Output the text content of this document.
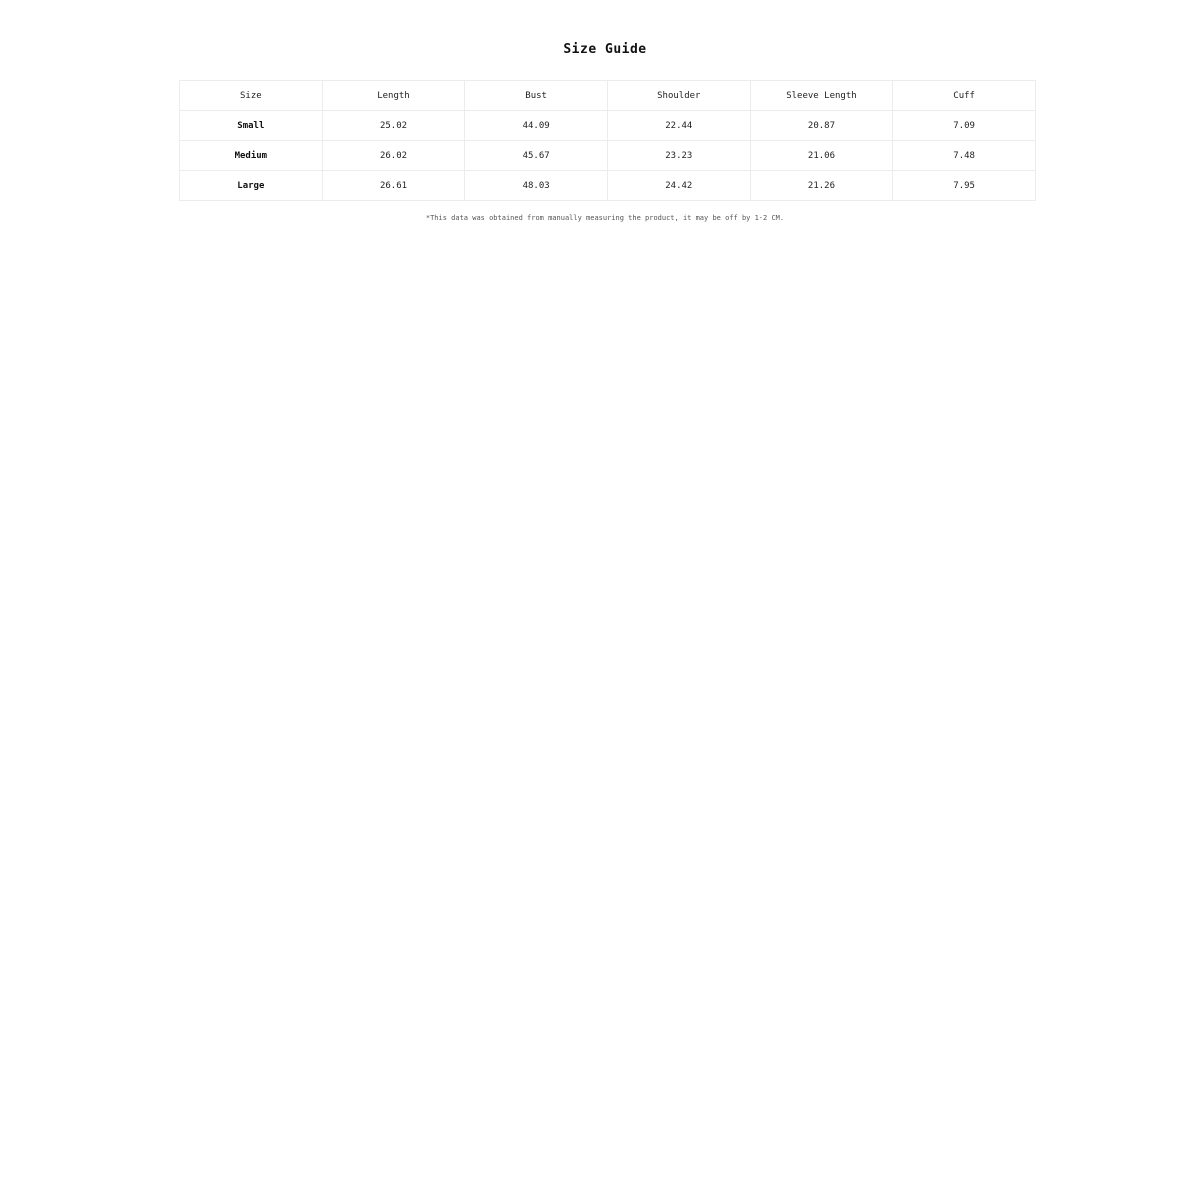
Size Guide
Size	Length	Bust	Shoulder	Sleeve Length	Cuff
Small	25.02	44.09	22.44	20.87	7.09
Medium	26.02	45.67	23.23	21.06	7.48
Large	26.61	48.03	24.42	21.26	7.95
*This data was obtained from manually measuring the product, it may be off by 1-2 CM.
